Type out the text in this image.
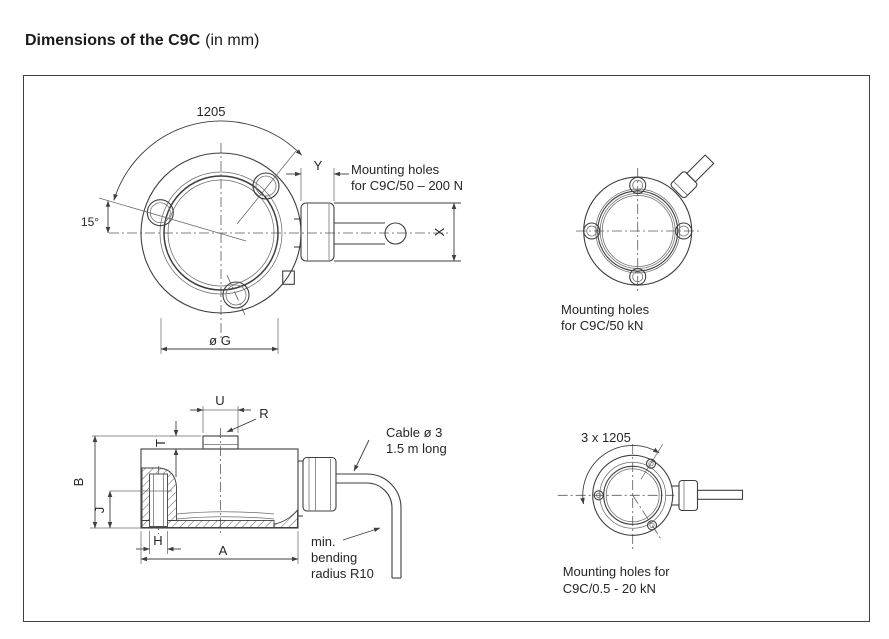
Dimensions of the C9C (in mm)
1205
15°
X
Y Mounting holes
for C9C/50 – 200 N
ø G
Mounting holes
for C9C/50 kN
U
R
T
B
J
H
A
Cable ø 3
1.5 m long
min.
bending
radius R10
3 x 1205
Mounting holes for
C9C/0.5 - 20 kN
